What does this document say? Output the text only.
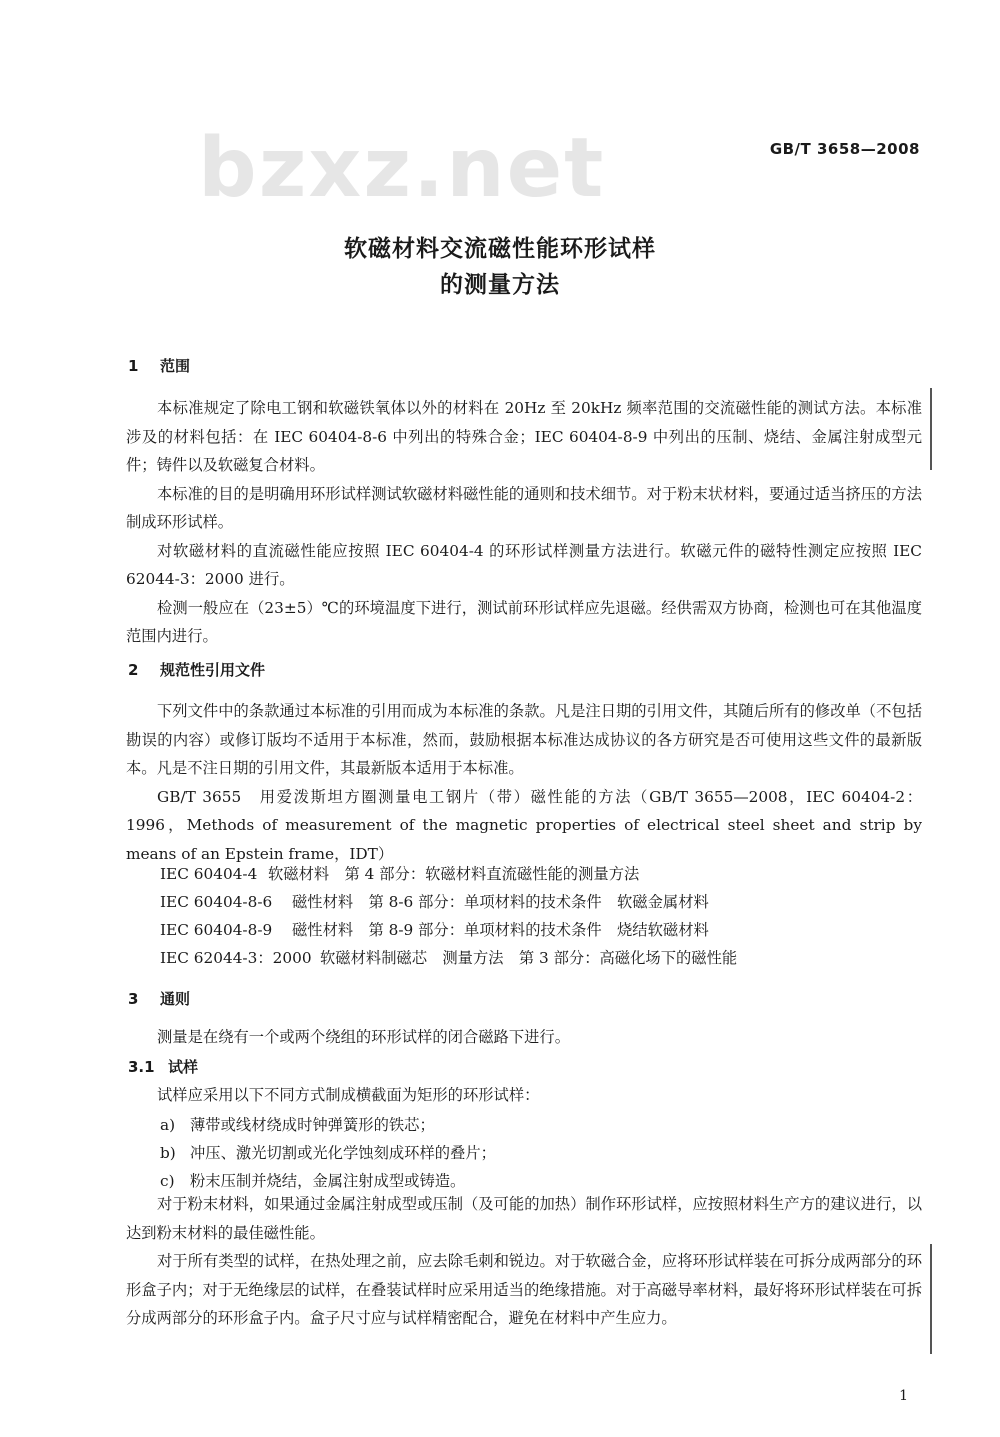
bzxz.net	GB/T 3658—2008
软磁材料交流磁性能环形试样
的测量方法
1 范围

本标准规定了除电工钢和软磁铁氧体以外的材料在 20Hz 至 20kHz 频率范围的交流磁性能的测试方法。本标准涉及的材料包括：在 IEC 60404-8-6 中列出的特殊合金；IEC 60404-8-9 中列出的压制、烧结、金属注射成型元件；铸件以及软磁复合材料。

本标准的目的是明确用环形试样测试软磁材料磁性能的通则和技术细节。对于粉末状材料，要通过适当挤压的方法制成环形试样。

对软磁材料的直流磁性能应按照 IEC 60404-4 的环形试样测量方法进行。软磁元件的磁特性测定应按照 IEC 62044-3：2000 进行。

检测一般应在（23±5）℃的环境温度下进行，测试前环形试样应先退磁。经供需双方协商，检测也可在其他温度范围内进行。

2 规范性引用文件

下列文件中的条款通过本标准的引用而成为本标准的条款。凡是注日期的引用文件，其随后所有的修改单（不包括勘误的内容）或修订版均不适用于本标准，然而，鼓励根据本标准达成协议的各方研究是否可使用这些文件的最新版本。凡是不注日期的引用文件，其最新版本适用于本标准。

GB/T 3655　用爱泼斯坦方圈测量电工钢片（带）磁性能的方法（GB/T 3655—2008，IEC 60404-2：1996，Methods of measurement of the magnetic properties of electrical steel sheet and strip by means of an Epstein frame，IDT）

IEC 60404-4 软磁材料　第 4 部分：软磁材料直流磁性能的测量方法
IEC 60404-8-6 磁性材料　第 8-6 部分：单项材料的技术条件　软磁金属材料
IEC 60404-8-9 磁性材料　第 8-9 部分：单项材料的技术条件　烧结软磁材料
IEC 62044-3：2000 软磁材料制磁芯　测量方法　第 3 部分：高磁化场下的磁性能
3 通则

测量是在绕有一个或两个绕组的环形试样的闭合磁路下进行。

3.1 试样

试样应采用以下不同方式制成横截面为矩形的环形试样：

a) 薄带或线材绕成时钟弹簧形的铁芯；
b) 冲压、激光切割或光化学蚀刻成环样的叠片；
c) 粉末压制并烧结，金属注射成型或铸造。

对于粉末材料，如果通过金属注射成型或压制（及可能的加热）制作环形试样，应按照材料生产方的建议进行，以达到粉末材料的最佳磁性能。

对于所有类型的试样，在热处理之前，应去除毛刺和锐边。对于软磁合金，应将环形试样装在可拆分成两部分的环形盒子内；对于无绝缘层的试样，在叠装试样时应采用适当的绝缘措施。对于高磁导率材料，最好将环形试样装在可拆分成两部分的环形盒子内。盒子尺寸应与试样精密配合，避免在材料中产生应力。

1
